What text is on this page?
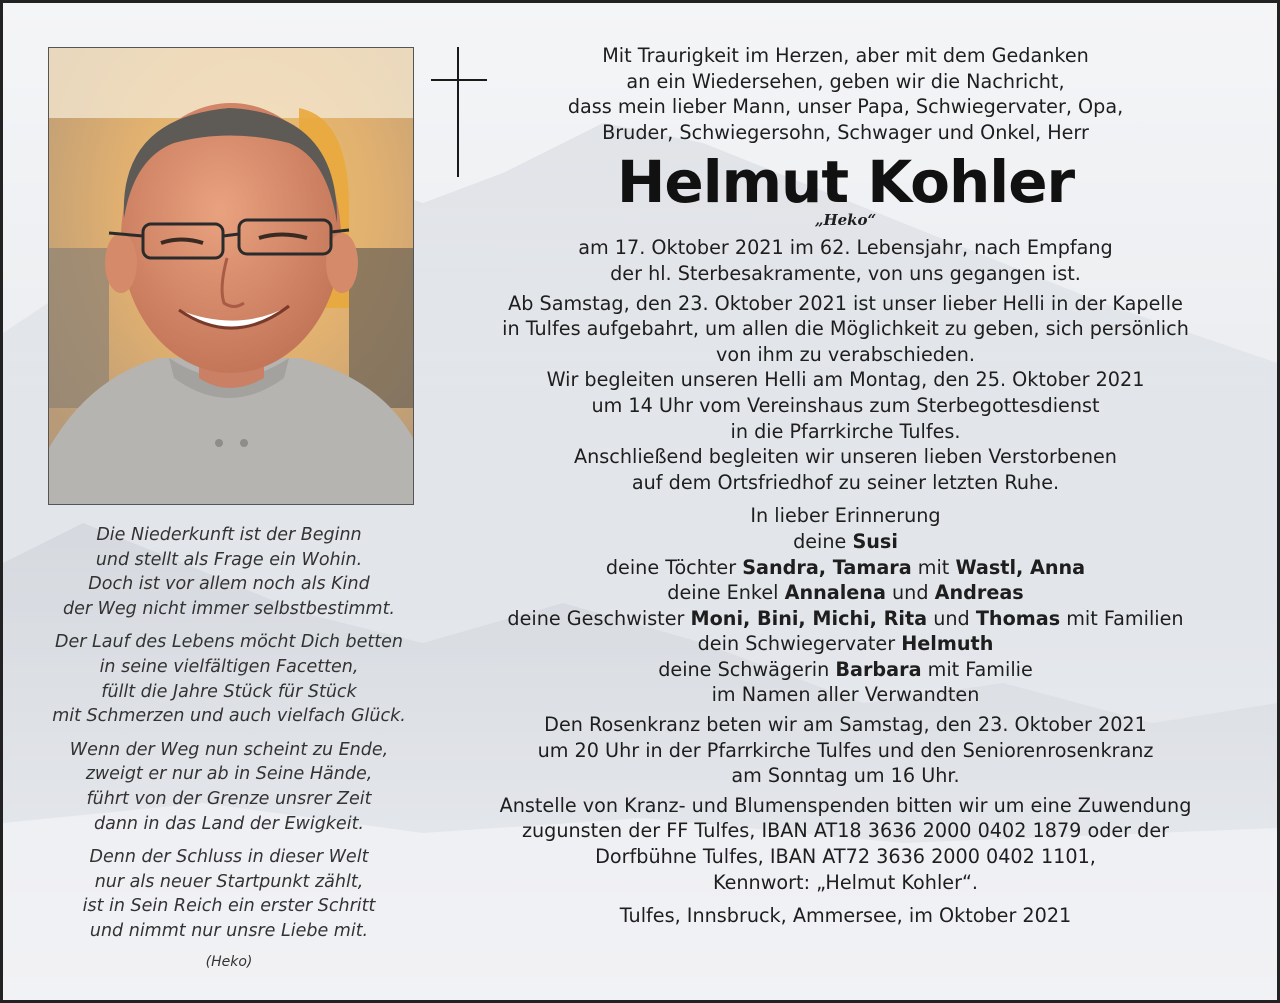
Die Niederkunft ist der Beginn
und stellt als Frage ein Wohin.
Doch ist vor allem noch als Kind
der Weg nicht immer selbstbestimmt.

Der Lauf des Lebens möcht Dich betten
in seine vielfältigen Facetten,
füllt die Jahre Stück für Stück
mit Schmerzen und auch vielfach Glück.

Wenn der Weg nun scheint zu Ende,
zweigt er nur ab in Seine Hände,
führt von der Grenze unsrer Zeit
dann in das Land der Ewigkeit.

Denn der Schluss in dieser Welt
nur als neuer Startpunkt zählt,
ist in Sein Reich ein erster Schritt
und nimmt nur unsre Liebe mit.
(Heko)

Mit Traurigkeit im Herzen, aber mit dem Gedanken
an ein Wiedersehen, geben wir die Nachricht,
dass mein lieber Mann, unser Papa, Schwiegervater, Opa,
Bruder, Schwiegersohn, Schwager und Onkel, Herr
Helmut Kohler
„Heko“
am 17. Oktober 2021 im 62. Lebensjahr, nach Empfang
der hl. Sterbesakramente, von uns gegangen ist.
Ab Samstag, den 23. Oktober 2021 ist unser lieber Helli in der Kapelle
in Tulfes aufgebahrt, um allen die Möglichkeit zu geben, sich persönlich
von ihm zu verabschieden.
Wir begleiten unseren Helli am Montag, den 25. Oktober 2021
um 14 Uhr vom Vereinshaus zum Sterbegottesdienst
in die Pfarrkirche Tulfes.
Anschließend begleiten wir unseren lieben Verstorbenen
auf dem Ortsfriedhof zu seiner letzten Ruhe.
In lieber Erinnerung
deine Susi
deine Töchter Sandra, Tamara mit Wastl, Anna
deine Enkel Annalena und Andreas
deine Geschwister Moni, Bini, Michi, Rita und Thomas mit Familien
dein Schwiegervater Helmuth
deine Schwägerin Barbara mit Familie
im Namen aller Verwandten
Den Rosenkranz beten wir am Samstag, den 23. Oktober 2021
um 20 Uhr in der Pfarrkirche Tulfes und den Seniorenrosenkranz
am Sonntag um 16 Uhr.
Anstelle von Kranz- und Blumenspenden bitten wir um eine Zuwendung
zugunsten der FF Tulfes, IBAN AT18 3636 2000 0402 1879 oder der
Dorfbühne Tulfes, IBAN AT72 3636 2000 0402 1101,
Kennwort: „Helmut Kohler“.
Tulfes, Innsbruck, Ammersee, im Oktober 2021
